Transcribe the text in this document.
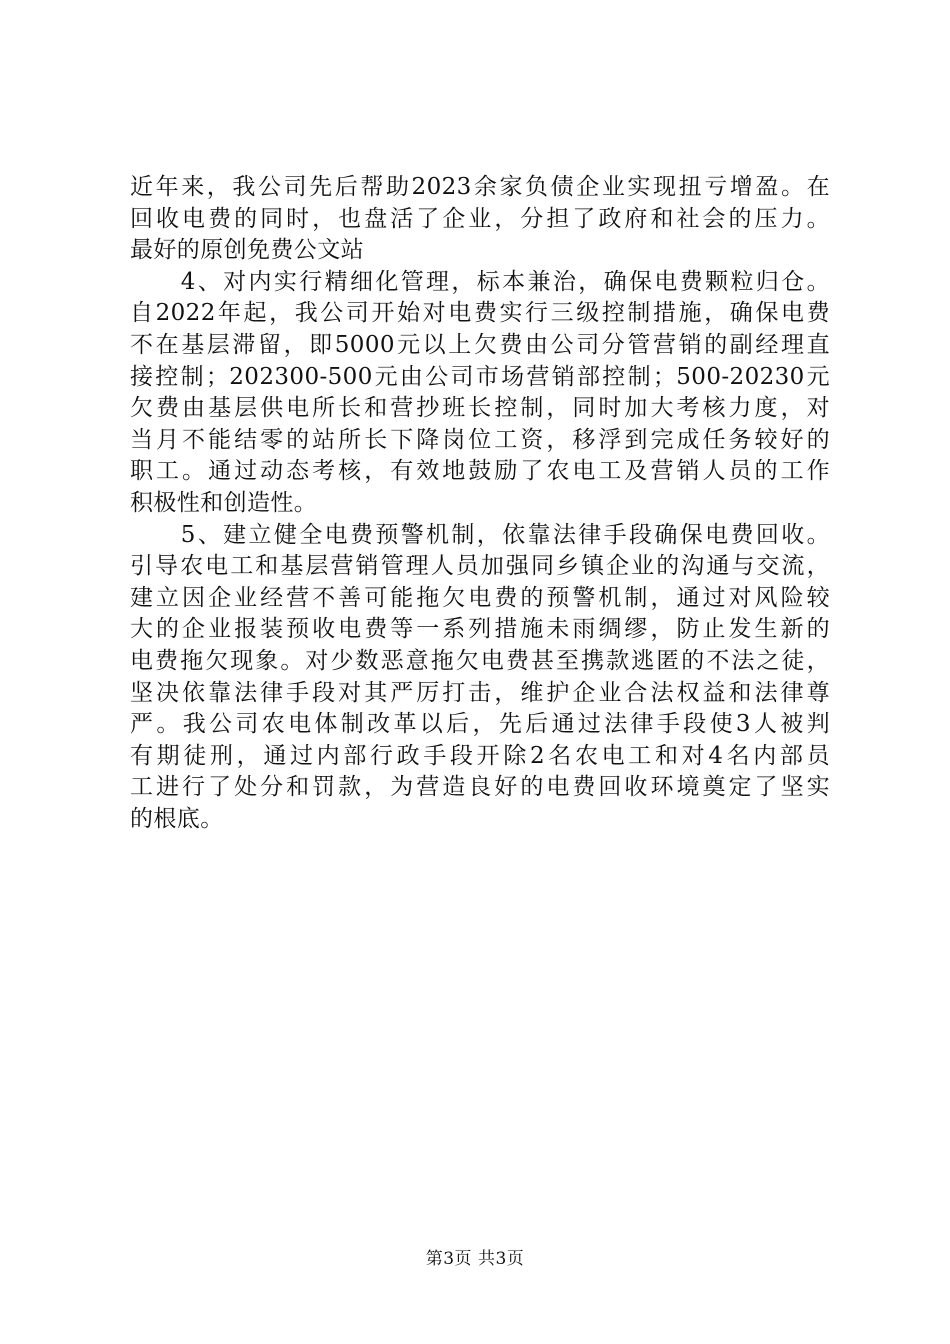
近年来，我公司先后帮助2023余家负债企业实现扭亏增盈。在
回收电费的同时，也盘活了企业，分担了政府和社会的压力。
最好的原创免费公文站
　　4、对内实行精细化管理，标本兼治，确保电费颗粒归仓。
自2022年起，我公司开始对电费实行三级控制措施，确保电费
不在基层滞留，即5000元以上欠费由公司分管营销的副经理直
接控制；202300-500元由公司市场营销部控制；500-20230元
欠费由基层供电所长和营抄班长控制，同时加大考核力度，对
当月不能结零的站所长下降岗位工资，移浮到完成任务较好的
职工。通过动态考核，有效地鼓励了农电工及营销人员的工作
积极性和创造性。
　　5、建立健全电费预警机制，依靠法律手段确保电费回收。
引导农电工和基层营销管理人员加强同乡镇企业的沟通与交流，
建立因企业经营不善可能拖欠电费的预警机制，通过对风险较
大的企业报装预收电费等一系列措施未雨绸缪，防止发生新的
电费拖欠现象。对少数恶意拖欠电费甚至携款逃匿的不法之徒，
坚决依靠法律手段对其严厉打击，维护企业合法权益和法律尊
严。我公司农电体制改革以后，先后通过法律手段使3人被判
有期徒刑，通过内部行政手段开除2名农电工和对4名内部员
工进行了处分和罚款，为营造良好的电费回收环境奠定了坚实
的根底。
第3页 共3页
